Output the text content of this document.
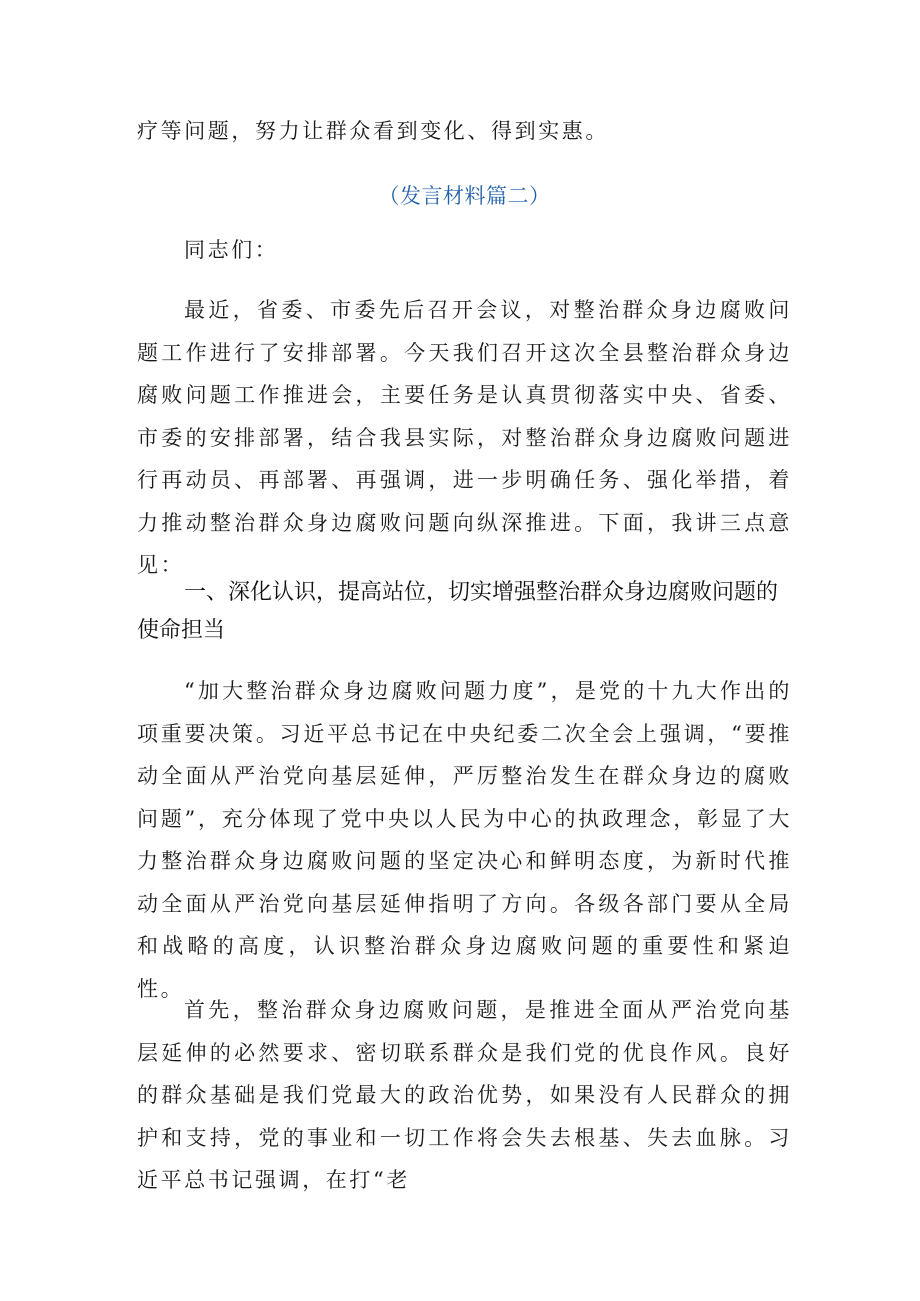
疗等问题，努力让群众看到变化、得到实惠。

（发言材料篇二）

同志们：

最近，省委、市委先后召开会议，对整治群众身边腐败问题工作进行了安排部署。今天我们召开这次全县整治群众身边腐败问题工作推进会，主要任务是认真贯彻落实中央、省委、市委的安排部署，结合我县实际，对整治群众身边腐败问题进行再动员、再部署、再强调，进一步明确任务、强化举措，着力推动整治群众身边腐败问题向纵深推进。下面，我讲三点意见：

一、深化认识，提高站位，切实增强整治群众身边腐败问题的使命担当

“加大整治群众身边腐败问题力度”，是党的十九大作出的项重要决策。习近平总书记在中央纪委二次全会上强调，“要推动全面从严治党向基层延伸，严厉整治发生在群众身边的腐败问题”，充分体现了党中央以人民为中心的执政理念，彰显了大力整治群众身边腐败问题的坚定决心和鲜明态度，为新时代推动全面从严治党向基层延伸指明了方向。各级各部门要从全局和战略的高度，认识整治群众身边腐败问题的重要性和紧迫性。

首先，整治群众身边腐败问题，是推进全面从严治党向基层延伸的必然要求、密切联系群众是我们党的优良作风。良好的群众基础是我们党最大的政治优势，如果没有人民群众的拥护和支持，党的事业和一切工作将会失去根基、失去血脉。习近平总书记强调，在打“老
